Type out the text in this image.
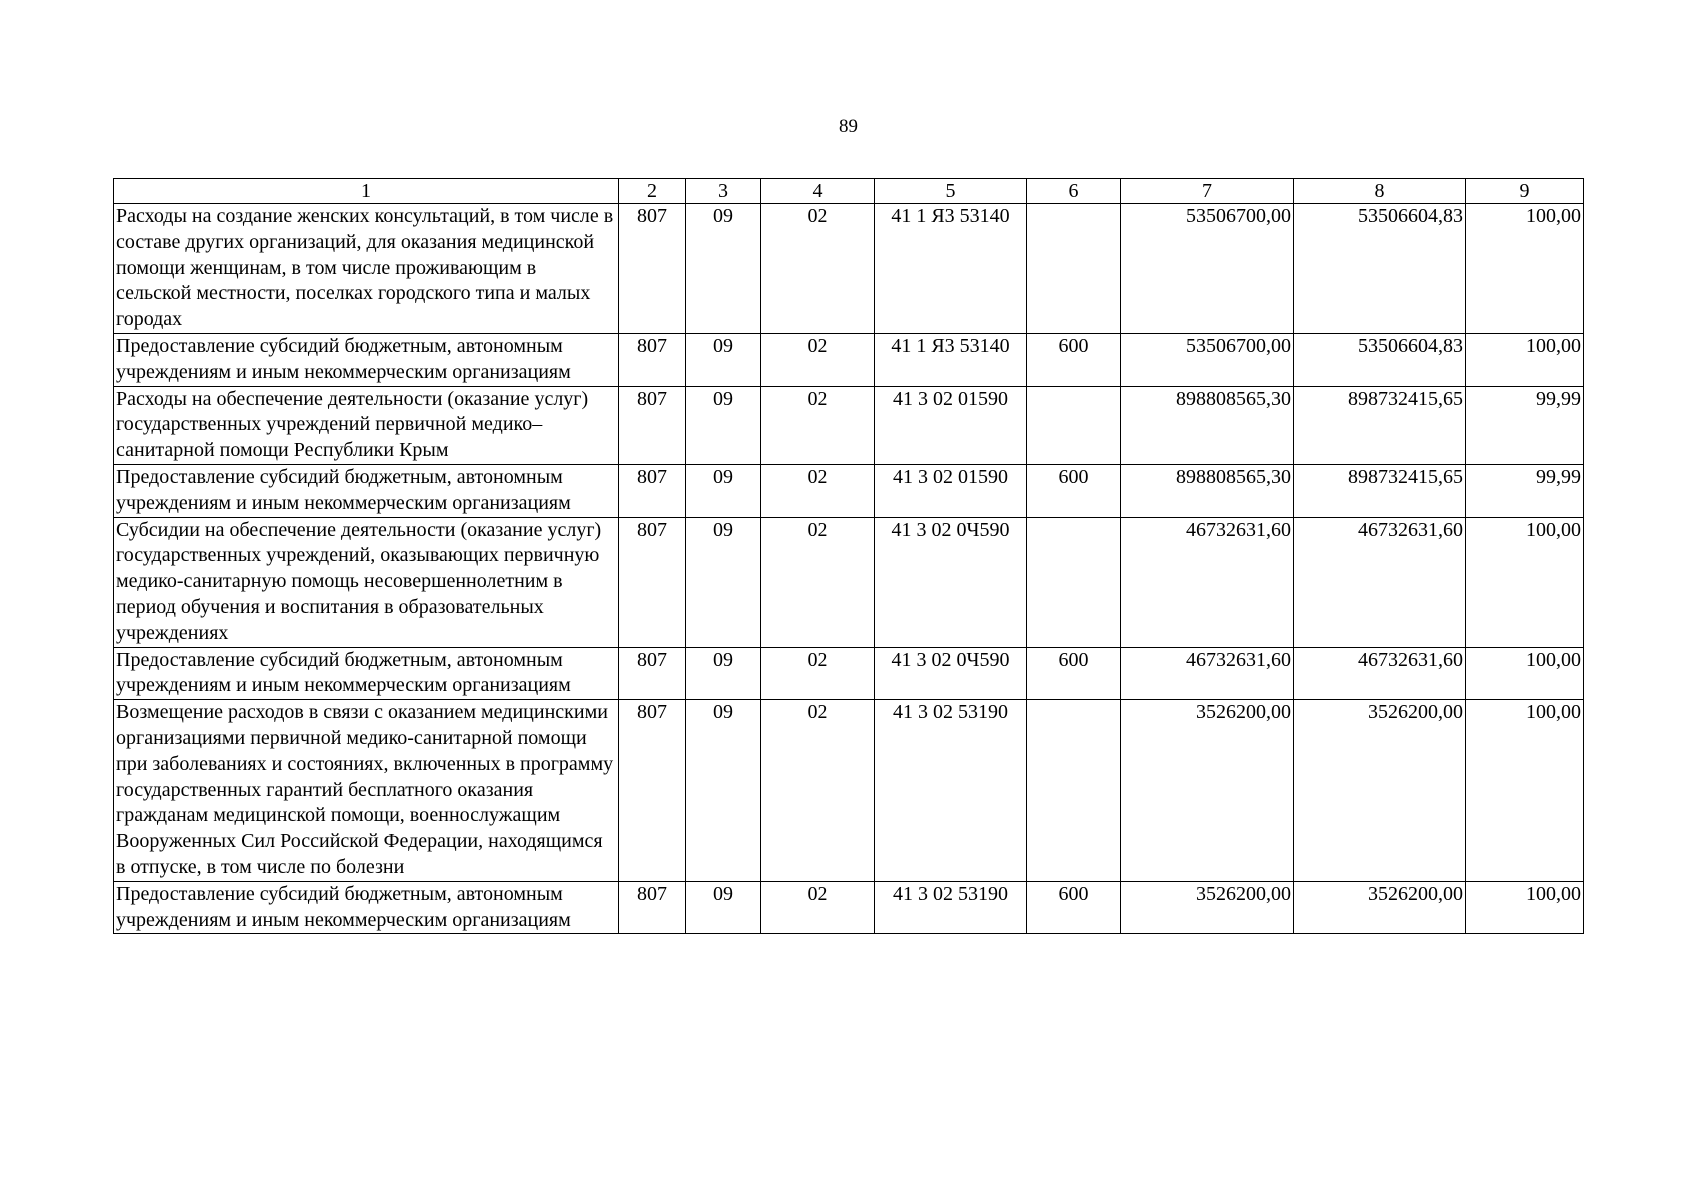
89
1	2	3	4	5	6	7	8	9
Расходы на создание женских консультаций, в том числе в составе других организаций, для оказания медицинской помощи женщинам, в том числе проживающим в сельской местности, поселках городского типа и малых городах	807	09	02	41 1 Я3 53140		53506700,00	53506604,83	100,00
Предоставление субсидий бюджетным, автономным учреждениям и иным некоммерческим организациям	807	09	02	41 1 Я3 53140	600	53506700,00	53506604,83	100,00
Расходы на обеспечение деятельности (оказание услуг) государственных учреждений первичной медико–санитарной помощи Республики Крым	807	09	02	41 3 02 01590		898808565,30	898732415,65	99,99
Предоставление субсидий бюджетным, автономным учреждениям и иным некоммерческим организациям	807	09	02	41 3 02 01590	600	898808565,30	898732415,65	99,99
Субсидии на обеспечение деятельности (оказание услуг) государственных учреждений, оказывающих первичную медико-санитарную помощь несовершеннолетним в период обучения и воспитания в образовательных учреждениях	807	09	02	41 3 02 0Ч590		46732631,60	46732631,60	100,00
Предоставление субсидий бюджетным, автономным учреждениям и иным некоммерческим организациям	807	09	02	41 3 02 0Ч590	600	46732631,60	46732631,60	100,00
Возмещение расходов в связи с оказанием медицинскими организациями первичной медико-санитарной помощи при заболеваниях и состояниях, включенных в программу государственных гарантий бесплатного оказания гражданам медицинской помощи, военнослужащим Вооруженных Сил Российской Федерации, находящимся в отпуске, в том числе по болезни	807	09	02	41 3 02 53190		3526200,00	3526200,00	100,00
Предоставление субсидий бюджетным, автономным учреждениям и иным некоммерческим организациям	807	09	02	41 3 02 53190	600	3526200,00	3526200,00	100,00
